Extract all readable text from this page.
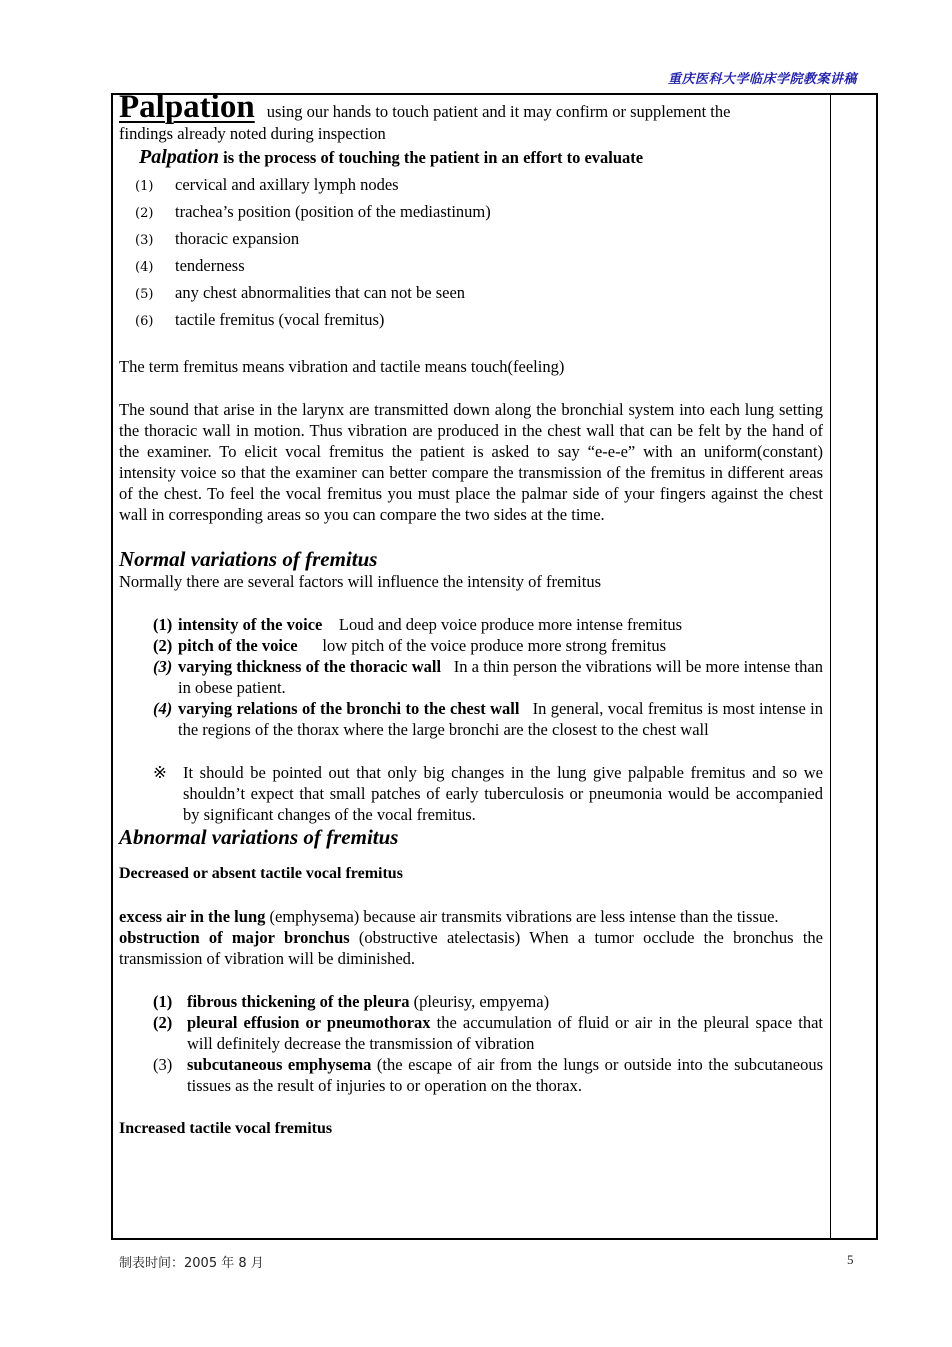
重庆医科大学临床学院教案讲稿

Palpation using our hands to touch patient and it may confirm or supplement the

findings already noted during inspection

Palpation is the process of touching the patient in an effort to evaluate

(1) cervical and axillary lymph nodes
(2) trachea’s position (position of the mediastinum)
(3) thoracic expansion
(4) tenderness
(5) any chest abnormalities that can not be seen
(6) tactile fremitus (vocal fremitus)

The term fremitus means vibration and tactile means touch(feeling)

The sound that arise in the larynx are transmitted down along the bronchial system into each lung setting the thoracic wall in motion. Thus vibration are produced in the chest wall that can be felt by the hand of the examiner. To elicit vocal fremitus the patient is asked to say “e-e-e” with an uniform(constant) intensity voice so that the examiner can better compare the transmission of the fremitus in different areas of the chest. To feel the vocal fremitus you must place the palmar side of your fingers against the chest wall in corresponding areas so you can compare the two sides at the time.

Normal variations of fremitus

Normally there are several factors will influence the intensity of fremitus

(1) intensity of the voice Loud and deep voice produce more intense fremitus
(2) pitch of the voice low pitch of the voice produce more strong fremitus
(3) varying thickness of the thoracic wall In a thin person the vibrations will be more intense than in obese patient.
(4) varying relations of the bronchi to the chest wall In general, vocal fremitus is most intense in the regions of the thorax where the large bronchi are the closest to the chest wall
※ It should be pointed out that only big changes in the lung give palpable fremitus and so we shouldn’t expect that small patches of early tuberculosis or pneumonia would be accompanied by significant changes of the vocal fremitus.

Abnormal variations of fremitus

Decreased or absent tactile vocal fremitus

excess air in the lung (emphysema) because air transmits vibrations are less intense than the tissue.

obstruction of major bronchus (obstructive atelectasis) When a tumor occlude the bronchus the transmission of vibration will be diminished.

(1) fibrous thickening of the pleura (pleurisy, empyema)
(2) pleural effusion or pneumothorax the accumulation of fluid or air in the pleural space that will definitely decrease the transmission of vibration
(3) subcutaneous emphysema (the escape of air from the lungs or outside into the subcutaneous tissues as the result of injuries to or operation on the thorax.

Increased tactile vocal fremitus

制表时间：2005 年 8 月	5
